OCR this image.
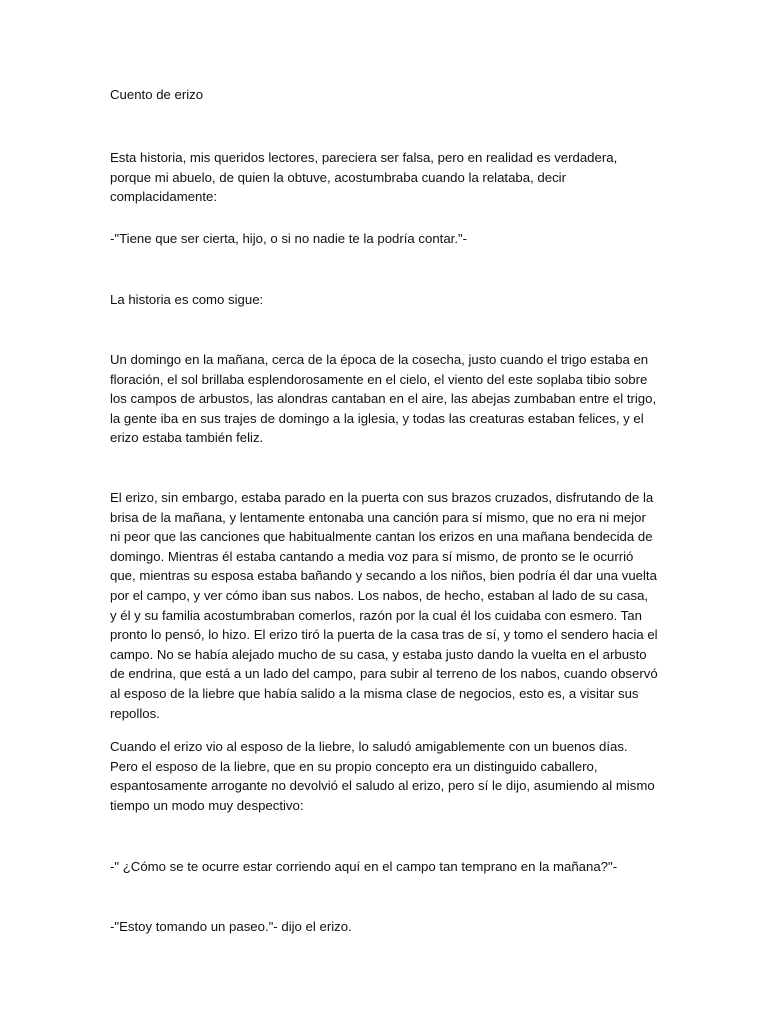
Cuento de erizo

Esta historia, mis queridos lectores, pareciera ser falsa, pero en realidad es verdadera, porque mi abuelo, de quien la obtuve, acostumbraba cuando la relataba, decir complacidamente:

-"Tiene que ser cierta, hijo, o si no nadie te la podría contar."-

La historia es como sigue:

Un domingo en la mañana, cerca de la época de la cosecha, justo cuando el trigo estaba en floración, el sol brillaba esplendorosamente en el cielo, el viento del este soplaba tibio sobre los campos de arbustos, las alondras cantaban en el aire, las abejas zumbaban entre el trigo, la gente iba en sus trajes de domingo a la iglesia, y todas las creaturas estaban felices, y el erizo estaba también feliz.

El erizo, sin embargo, estaba parado en la puerta con sus brazos cruzados, disfrutando de la brisa de la mañana, y lentamente entonaba una canción para sí mismo, que no era ni mejor ni peor que las canciones que habitualmente cantan los erizos en una mañana bendecida de domingo. Mientras él estaba cantando a media voz para sí mismo, de pronto se le ocurrió que, mientras su esposa estaba bañando y secando a los niños, bien podría él dar una vuelta por el campo, y ver cómo iban sus nabos. Los nabos, de hecho, estaban al lado de su casa, y él y su familia acostumbraban comerlos, razón por la cual él los cuidaba con esmero. Tan pronto lo pensó, lo hizo. El erizo tiró la puerta de la casa tras de sí, y tomo el sendero hacia el campo. No se había alejado mucho de su casa, y estaba justo dando la vuelta en el arbusto de endrina, que está a un lado del campo, para subir al terreno de los nabos, cuando observó al esposo de la liebre que había salido a la misma clase de negocios, esto es, a visitar sus repollos.

Cuando el erizo vio al esposo de la liebre, lo saludó amigablemente con un buenos días. Pero el esposo de la liebre, que en su propio concepto era un distinguido caballero, espantosamente arrogante no devolvió el saludo al erizo, pero sí le dijo, asumiendo al mismo tiempo un modo muy despectivo:

-" ¿Cómo se te ocurre estar corriendo aquí en el campo tan temprano en la mañana?"-

-"Estoy tomando un paseo."- dijo el erizo.
